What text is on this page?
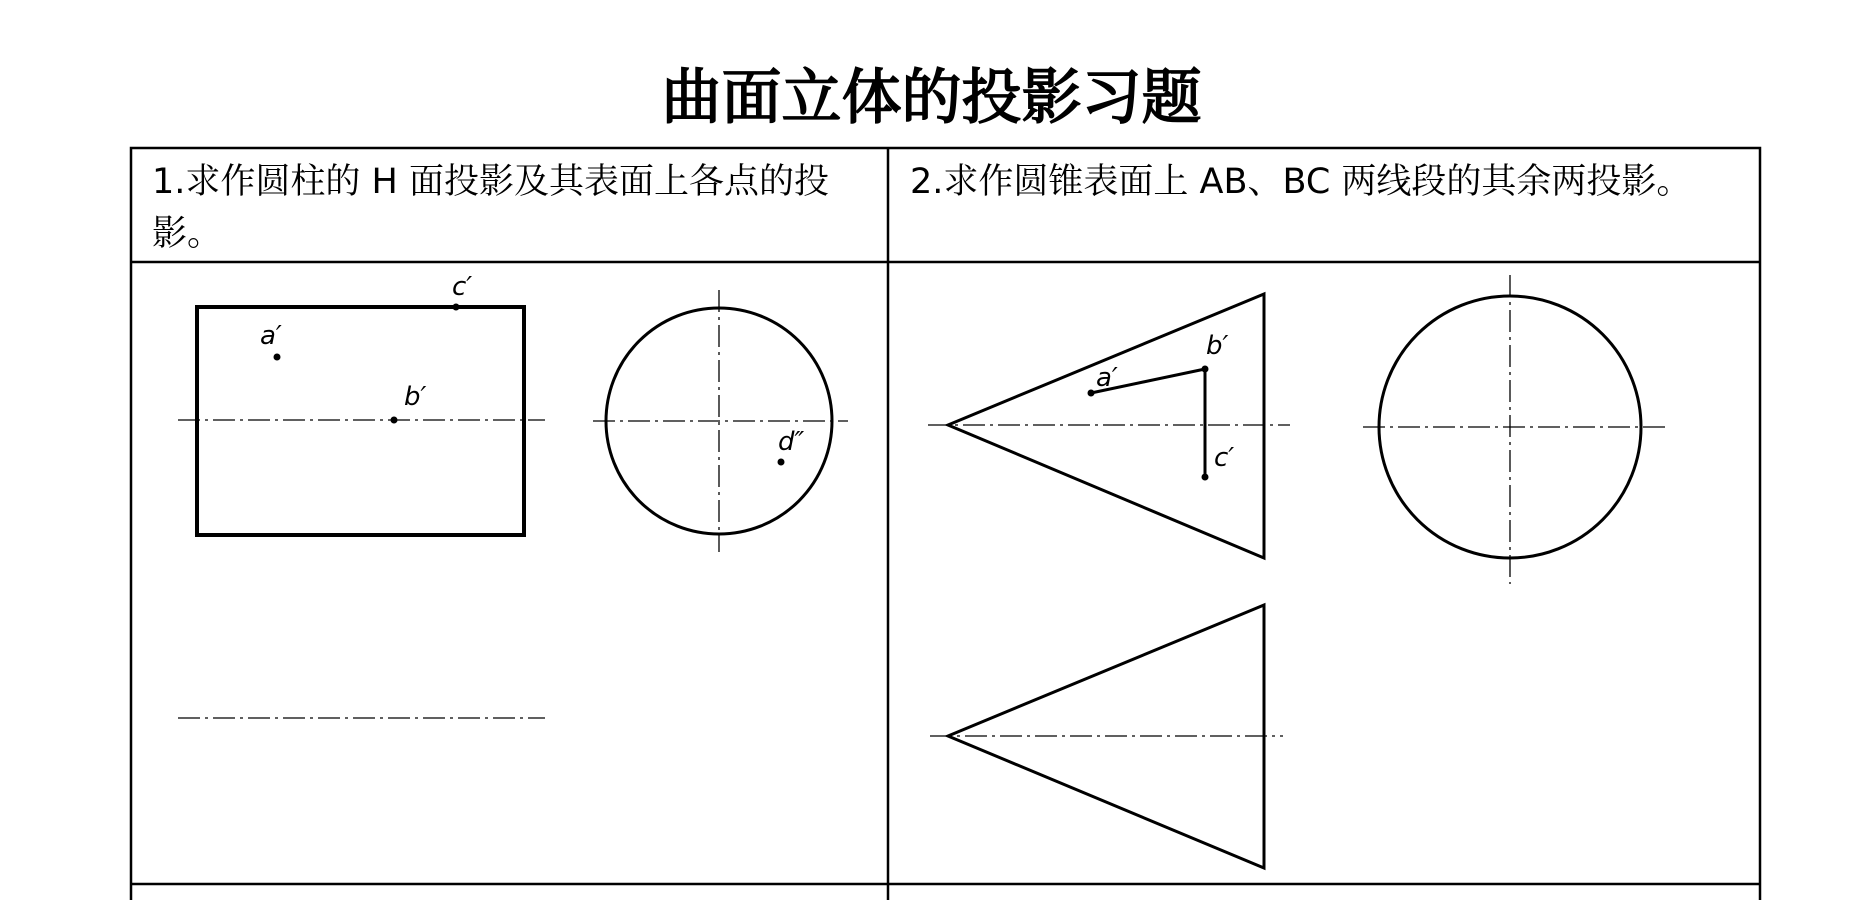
曲面立体的投影习题
1.求作圆柱的 H 面投影及其表面上各点的投影。
2.求作圆锥表面上 AB、BC 两线段的其余两投影。
a′
b′
c′
d″
a′
b′
c′
